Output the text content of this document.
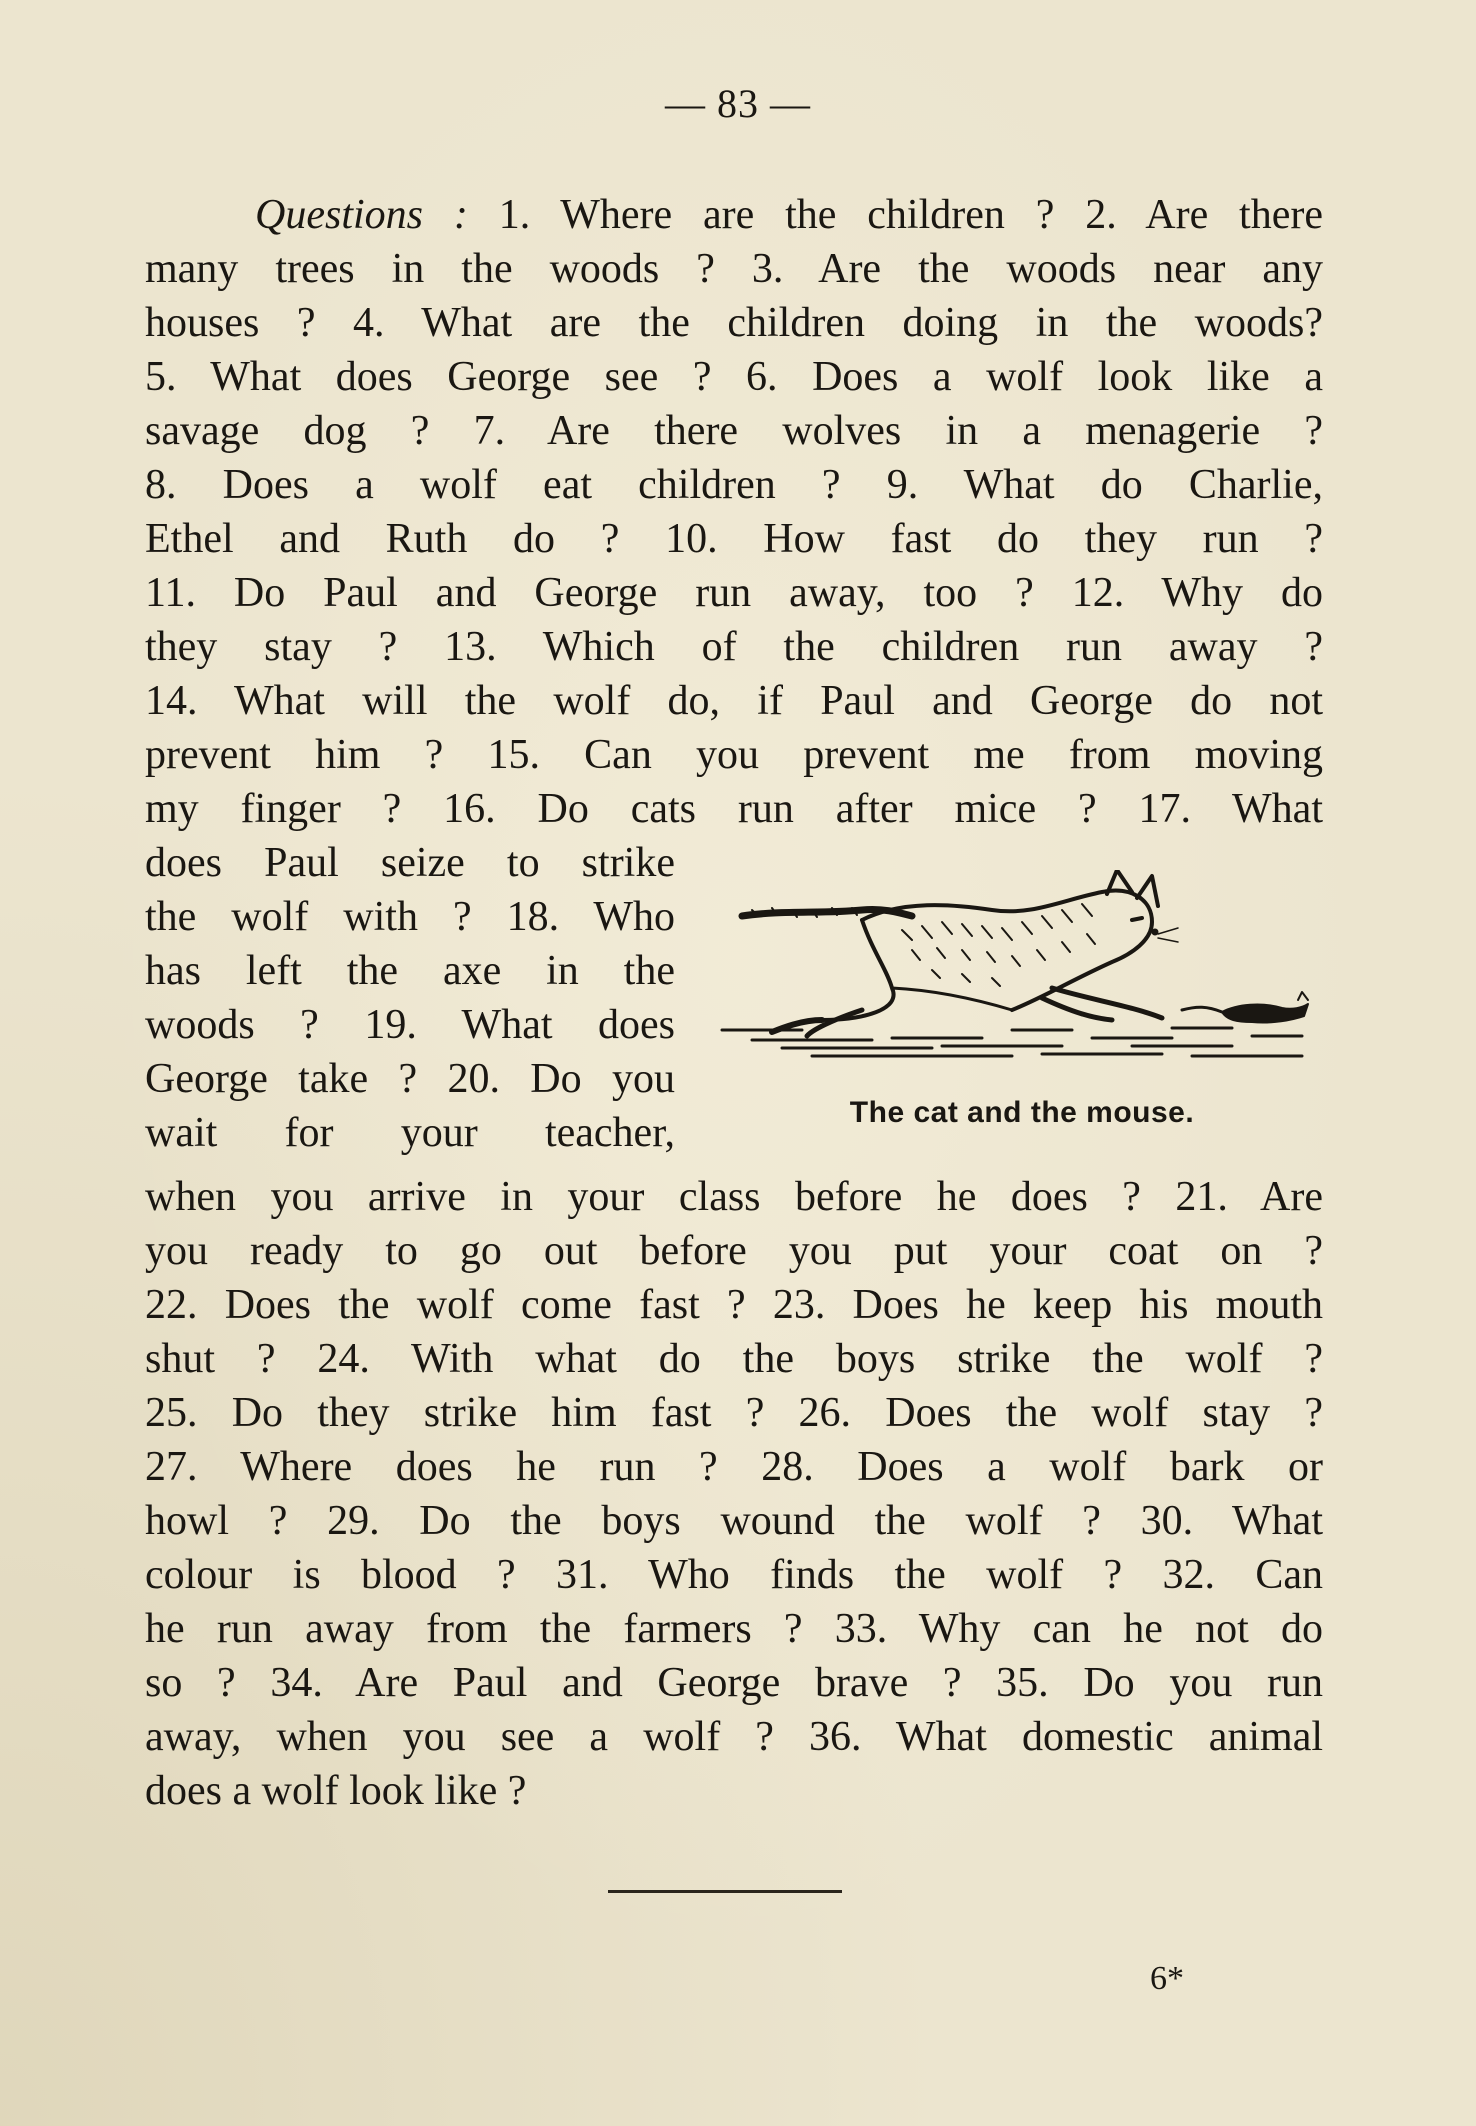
— 83 —
Questions : 1. Where are the children ? 2. Are there
many trees in the woods ? 3. Are the woods near any
houses ? 4. What are the children doing in the woods?
5. What does George see ? 6. Does a wolf look like a
savage dog ? 7. Are there wolves in a menagerie ?
8. Does a wolf eat children ? 9. What do Charlie,
Ethel and Ruth do ? 10. How fast do they run ?
11. Do Paul and George run away, too ? 12. Why do
they stay ? 13. Which of the children run away ?
14. What will the wolf do, if Paul and George do not
prevent him ? 15. Can you prevent me from moving
my finger ? 16. Do cats run after mice ? 17. What
does Paul seize to strike
the wolf with ? 18. Who
has left the axe in the
woods ? 19. What does
George take ? 20. Do you
wait for your teacher,	The cat and the mouse.
when you arrive in your class before he does ? 21. Are
you ready to go out before you put your coat on ?
22. Does the wolf come fast ? 23. Does he keep his mouth
shut ? 24. With what do the boys strike the wolf ?
25. Do they strike him fast ? 26. Does the wolf stay ?
27. Where does he run ? 28. Does a wolf bark or
howl ? 29. Do the boys wound the wolf ? 30. What
colour is blood ? 31. Who finds the wolf ? 32. Can
he run away from the farmers ? 33. Why can he not do
so ? 34. Are Paul and George brave ? 35. Do you run
away, when you see a wolf ? 36. What domestic animal
does a wolf look like ?
6*
